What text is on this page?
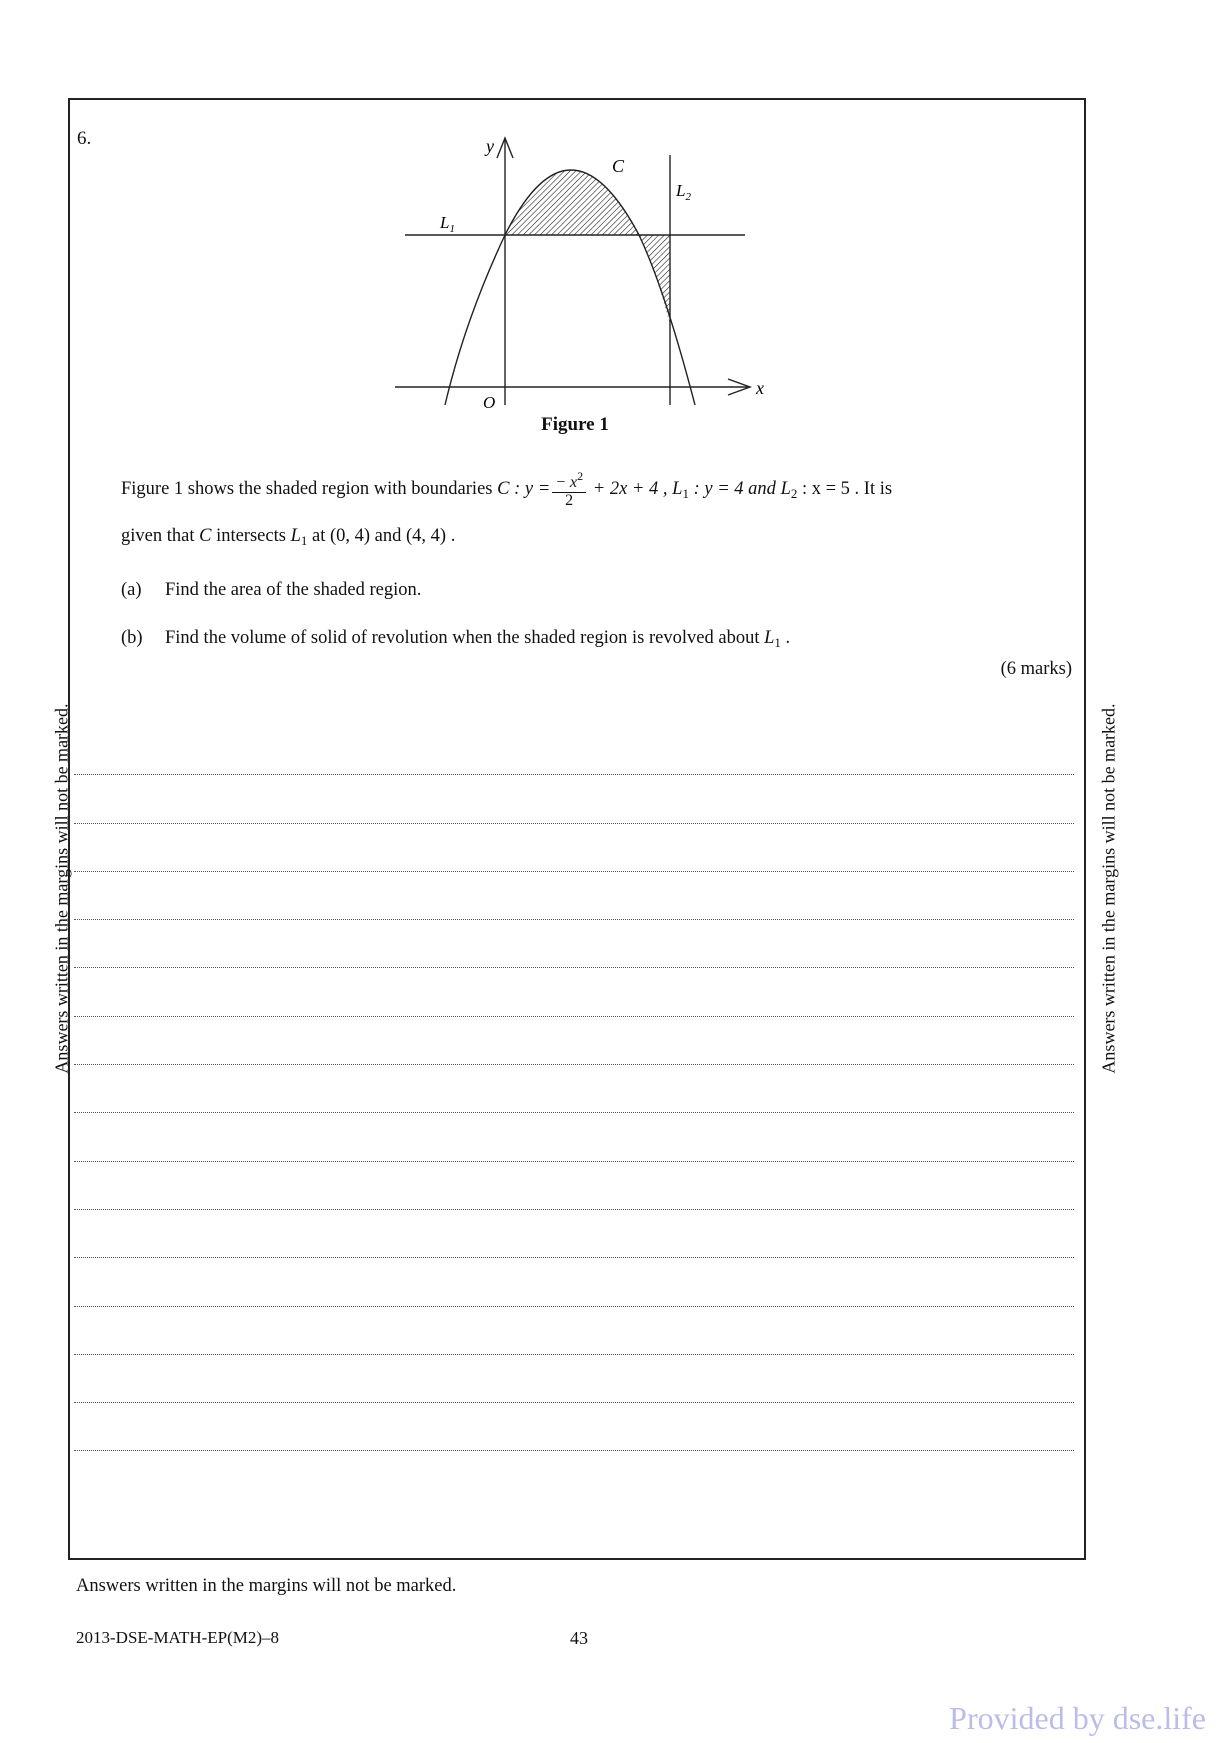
6.	y
x
O
C
$L_1$
$L_2$
Figure 1
Figure 1 shows the shaded region with boundaries C : $y = \frac{- x^2}{2} + 2x + 4$ , $L_1$ : y = 4 and $L_2$ : x = 5 . It is
given that C intersects $L_1$ at (0, 4) and (4, 4) .
(a) Find the area of the shaded region.
(b) Find the volume of solid of revolution when the shaded region is revolved about $L_1$ .
(6 marks)
Answers written in the margins will not be marked.	Answers written in the margins will not be marked.
Answers written in the margins will not be marked.
2013-DSE-MATH-EP(M2)–8	43
Provided by dse.life
